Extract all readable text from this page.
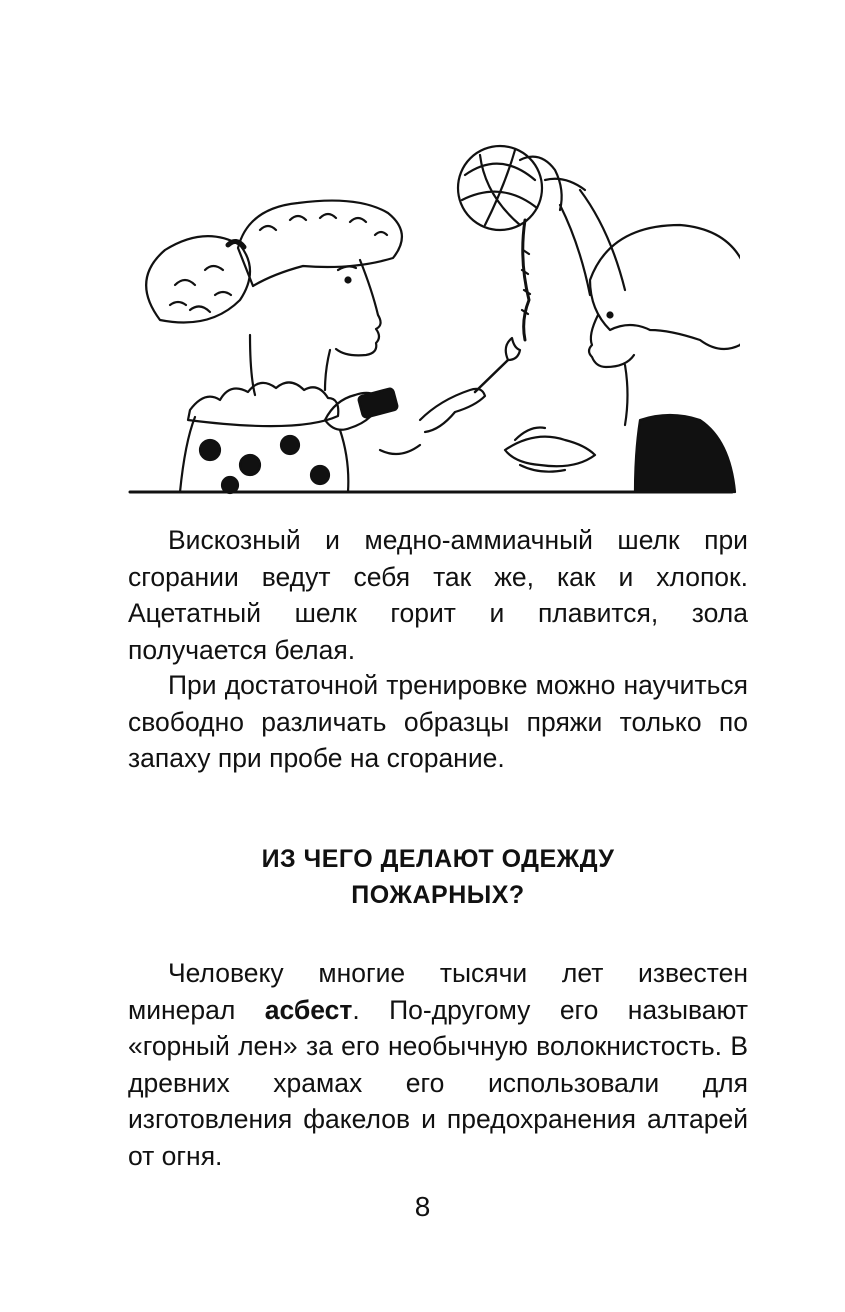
Вискозный и медно-аммиачный шелк при сгорании ведут себя так же, как и хлопок. Ацетатный шелк горит и плавится, зола получается белая.

При достаточной тренировке можно научиться свободно различать образцы пряжи только по запаху при пробе на сгорание.

ИЗ ЧЕГО ДЕЛАЮТ ОДЕЖДУ
ПОЖАРНЫХ?

Человеку многие тысячи лет известен минерал асбест. По-другому его называют «горный лен» за его необычную волокнистость. В древних храмах его использовали для изготовления факелов и предохранения алтарей от огня.

8
